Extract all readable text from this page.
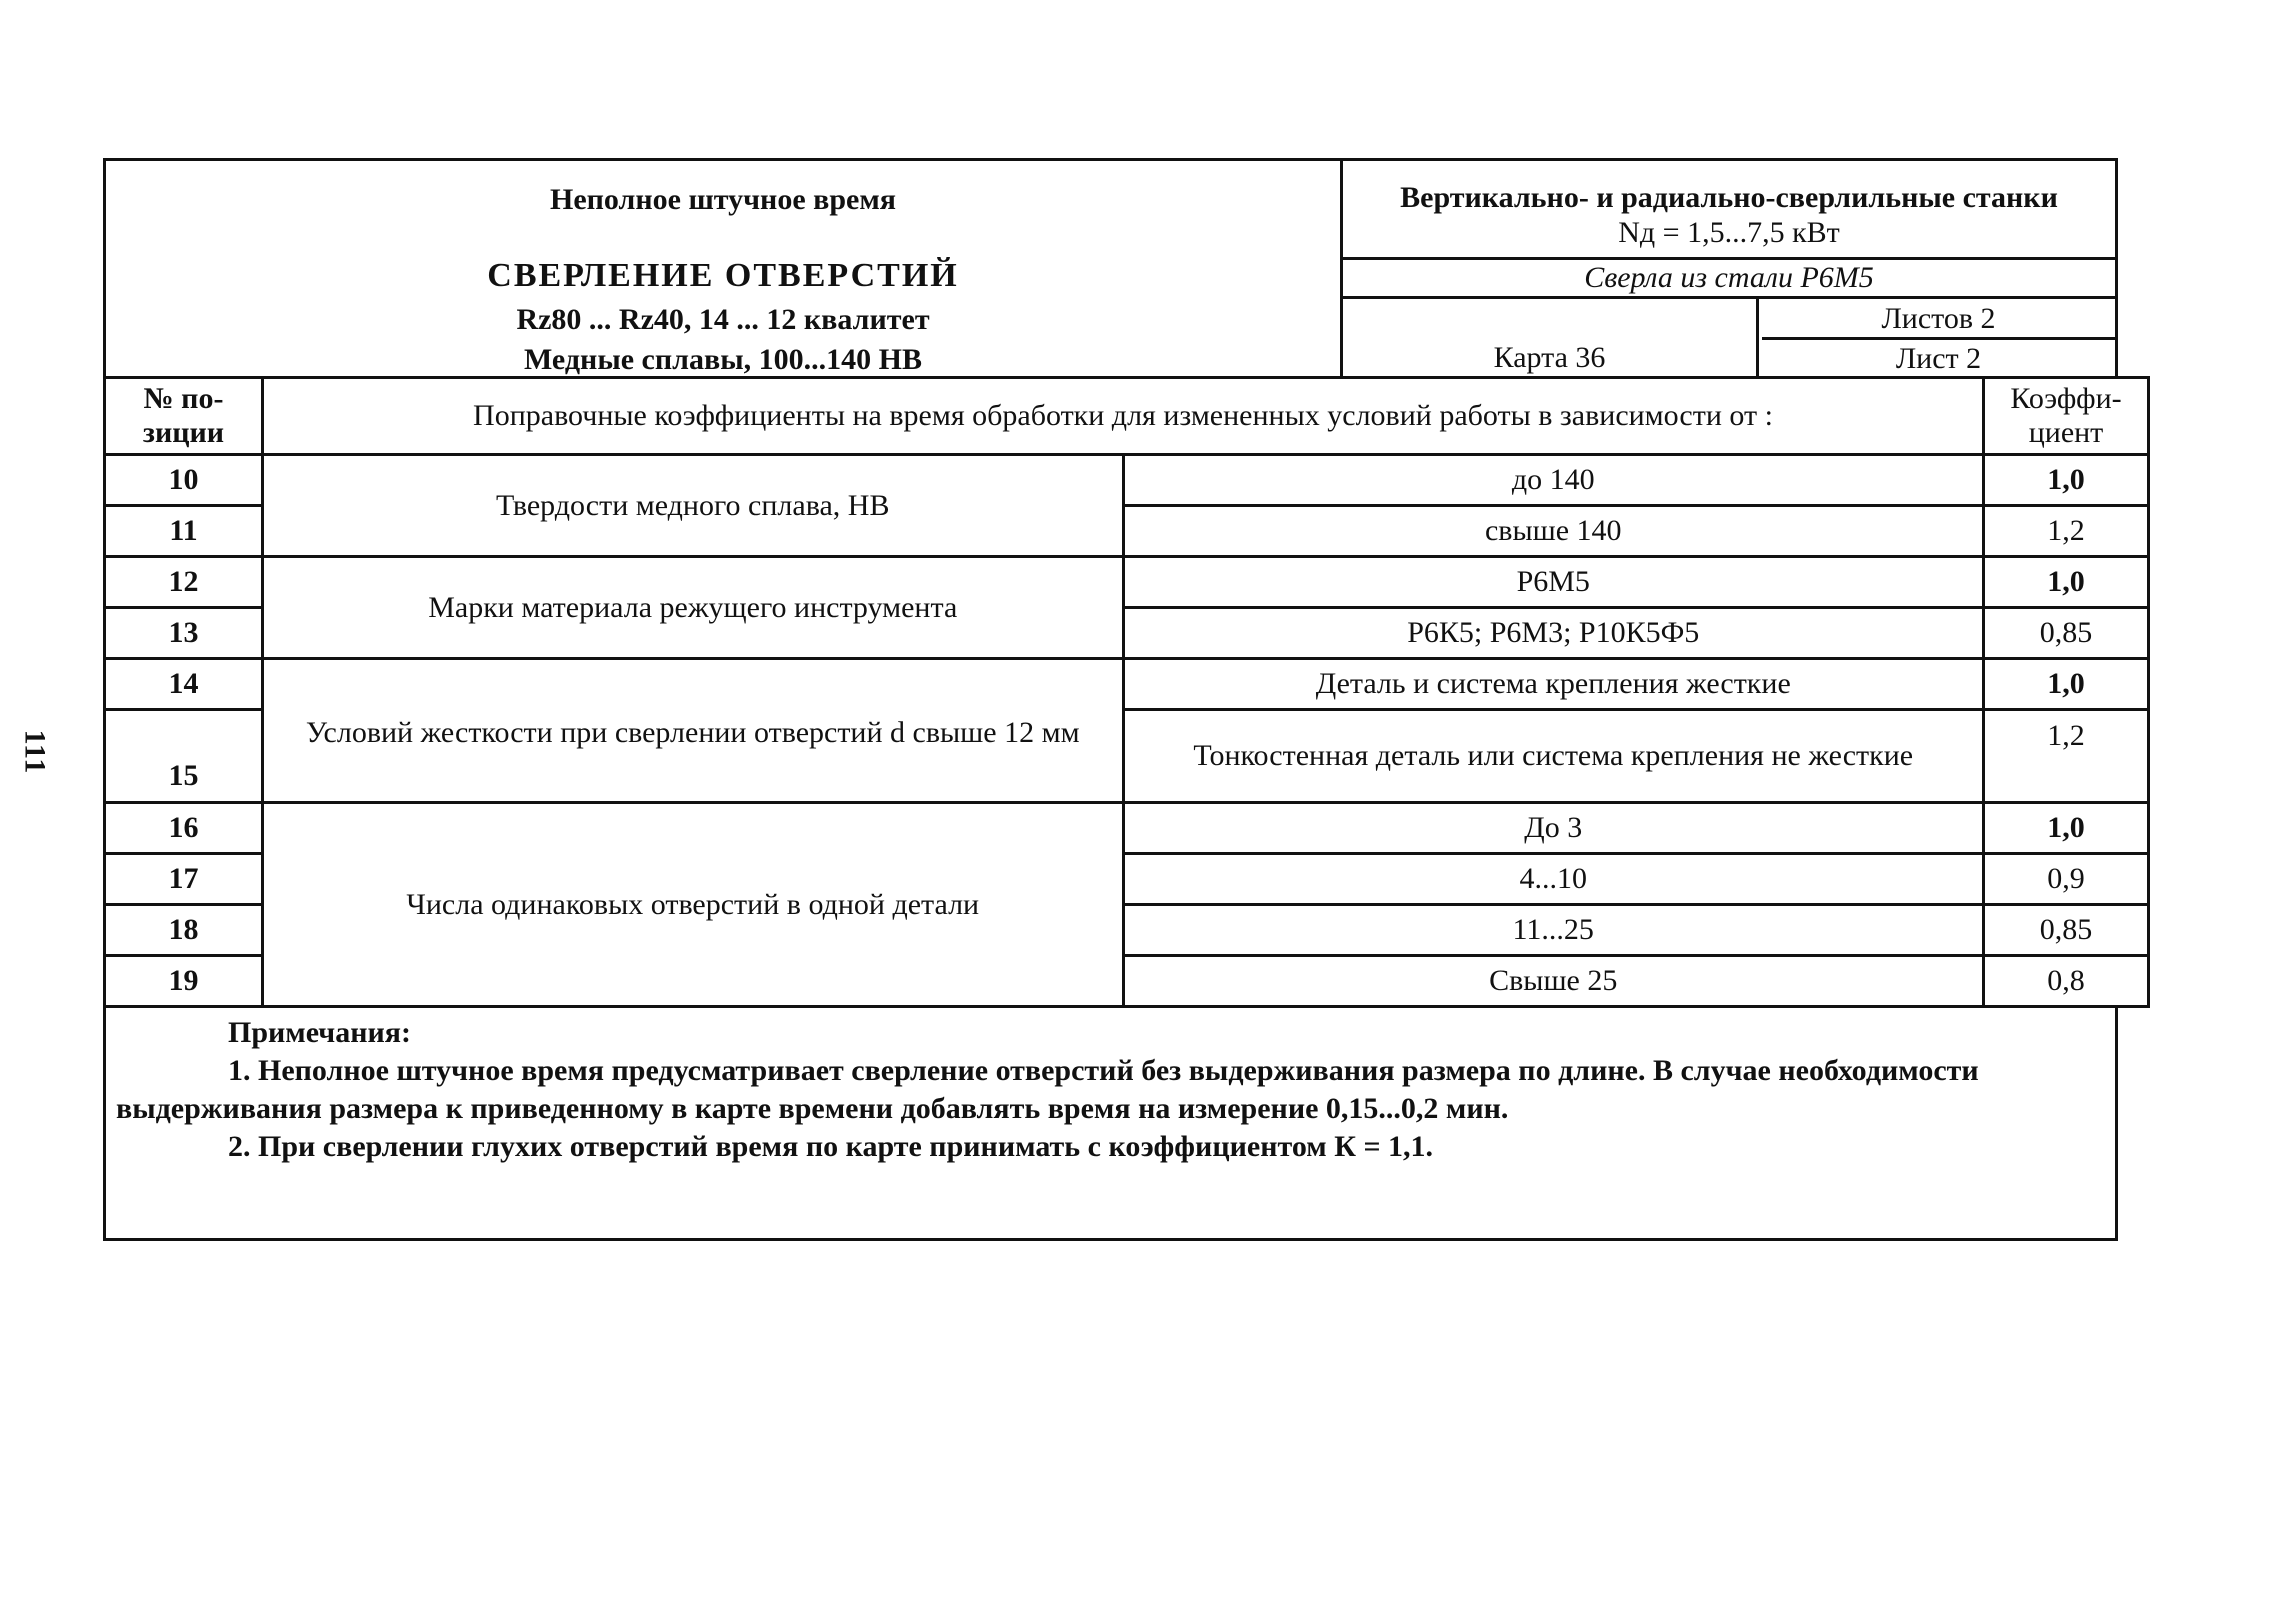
111
Неполное штучное время
СВЕРЛЕНИЕ ОТВЕРСТИЙ
Rz80 ... Rz40, 14 ... 12 квалитет
Медные сплавы, 100...140 НВ
Вертикально- и радиально-сверлильные станки
Nд = 1,5...7,5 кВт
Сверла из стали Р6М5
Карта 36
Листов 2
Лист 2
№ по-
зиции	Поправочные коэффициенты на время обработки для измененных условий работы в зависимости от :		Коэффи-
циент
10	Твердости медного сплава, НВ	до 140	1,0
11		свыше 140	1,2
12	Марки материала режущего инструмента	Р6М5	1,0
13		Р6К5; Р6М3; Р10К5Ф5	0,85
14	Условий жесткости при сверлении отверстий d свыше 12 мм	Деталь и система крепления жесткие	1,0
15		Тонкостенная деталь или система крепления не жесткие	1,2
16	Числа одинаковых отверстий в одной детали	До 3	1,0
17		4...10	0,9
18		11...25	0,85
19		Свыше 25	0,8
Примечания:

1. Неполное штучное время предусматривает сверление отверстий без выдерживания размера по длине. В случае необходимости выдерживания размера к приведенному в карте времени добавлять время на измерение 0,15...0,2 мин.

2. При сверлении глухих отверстий время по карте принимать с коэффициентом К = 1,1.
